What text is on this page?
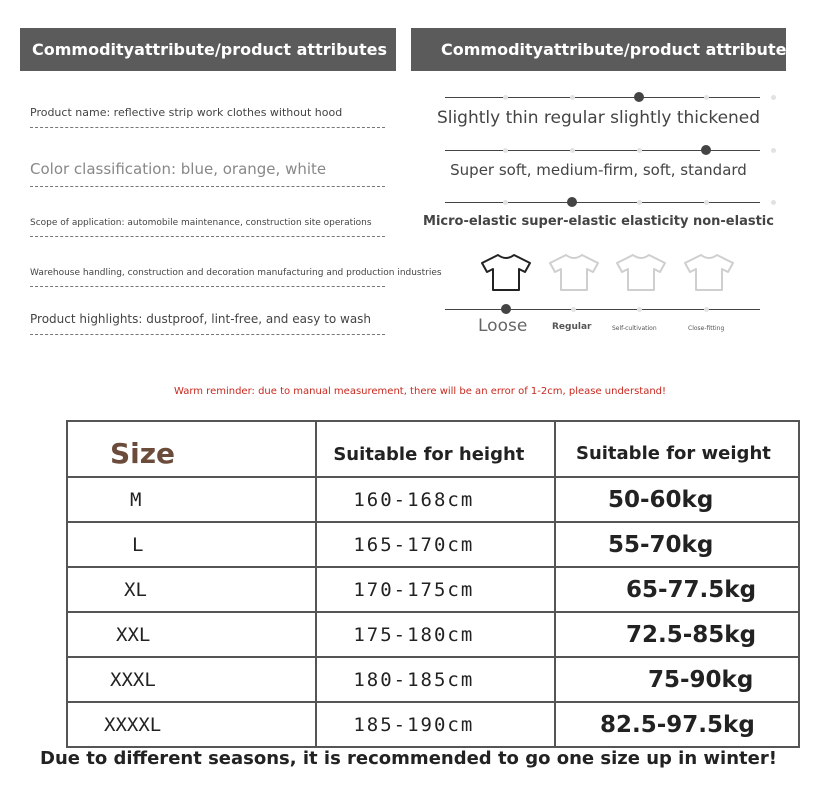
Commodityattribute/product attributes	Commodityattribute/product attributes
Product name: reflective strip work clothes without hood
Color classification: blue, orange, white
Scope of application: automobile maintenance, construction site operations
Warehouse handling, construction and decoration manufacturing and production industries
Product highlights: dustproof, lint-free, and easy to wash
Slightly thin regular slightly thickened
Super soft, medium-firm, soft, standard
Micro-elastic super-elastic elasticity non-elastic
Loose	Regular	Self-cultivation	Close-fitting
Warm reminder: due to manual measurement, there will be an error of 1-2cm, please understand!
Size	Suitable for height	Suitable for weight
M	160-168cm	50-60kg
L	165-170cm	55-70kg
XL	170-175cm	65-77.5kg
XXL	175-180cm	72.5-85kg
XXXL	180-185cm	75-90kg
XXXXL	185-190cm	82.5-97.5kg
Due to different seasons, it is recommended to go one size up in winter!
